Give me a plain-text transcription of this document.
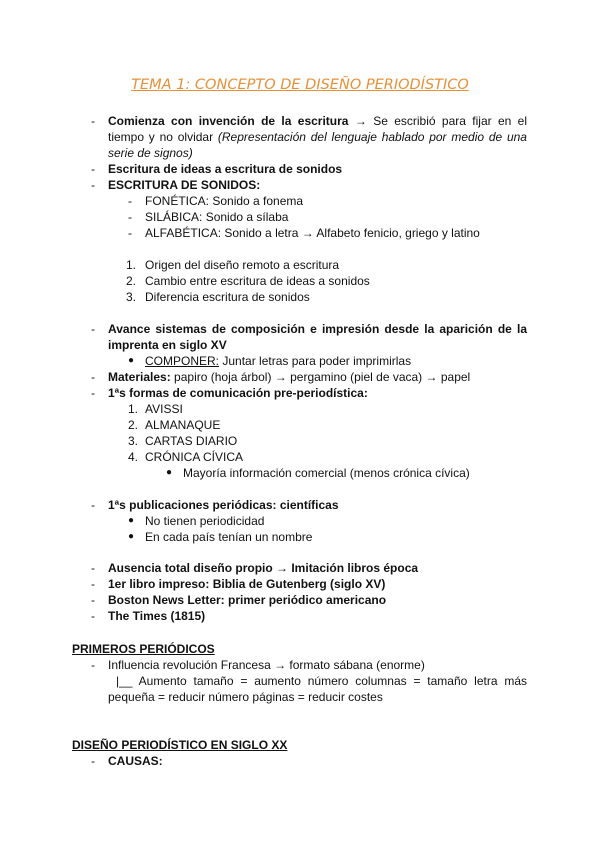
TEMA 1: CONCEPTO DE DISEÑO PERIODÍSTICO
- Comienza con invención de la escritura → Se escribió para fijar en el
tiempo y no olvidar (Representación del lenguaje hablado por medio de una
serie de signos)
- Escritura de ideas a escritura de sonidos
- ESCRITURA DE SONIDOS:
- FONÉTICA: Sonido a fonema
- SILÁBICA: Sonido a sílaba
- ALFABÉTICA: Sonido a letra → Alfabeto fenicio, griego y latino
1. Origen del diseño remoto a escritura
2. Cambio entre escritura de ideas a sonidos
3. Diferencia escritura de sonidos
- Avance sistemas de composición e impresión desde la aparición de la
imprenta en siglo XV
● COMPONER: Juntar letras para poder imprimirlas
- Materiales: papiro (hoja árbol) → pergamino (piel de vaca) → papel
- 1ªs formas de comunicación pre-periodística:
1. AVISSI
2. ALMANAQUE
3. CARTAS DIARIO
4. CRÓNICA CÍVICA
● Mayoría información comercial (menos crónica cívica)
- 1ªs publicaciones periódicas: científicas
● No tienen periodicidad
● En cada país tenían un nombre
- Ausencia total diseño propio → Imitación libros época
- 1er libro impreso: Biblia de Gutenberg (siglo XV)
- Boston News Letter: primer periódico americano
- The Times (1815)
PRIMEROS PERIÓDICOS
- Influencia revolución Francesa → formato sábana (enorme)
|__ Aumento tamaño = aumento número columnas = tamaño letra más
pequeña = reducir número páginas = reducir costes
DISEÑO PERIODÍSTICO EN SIGLO XX
- CAUSAS:
